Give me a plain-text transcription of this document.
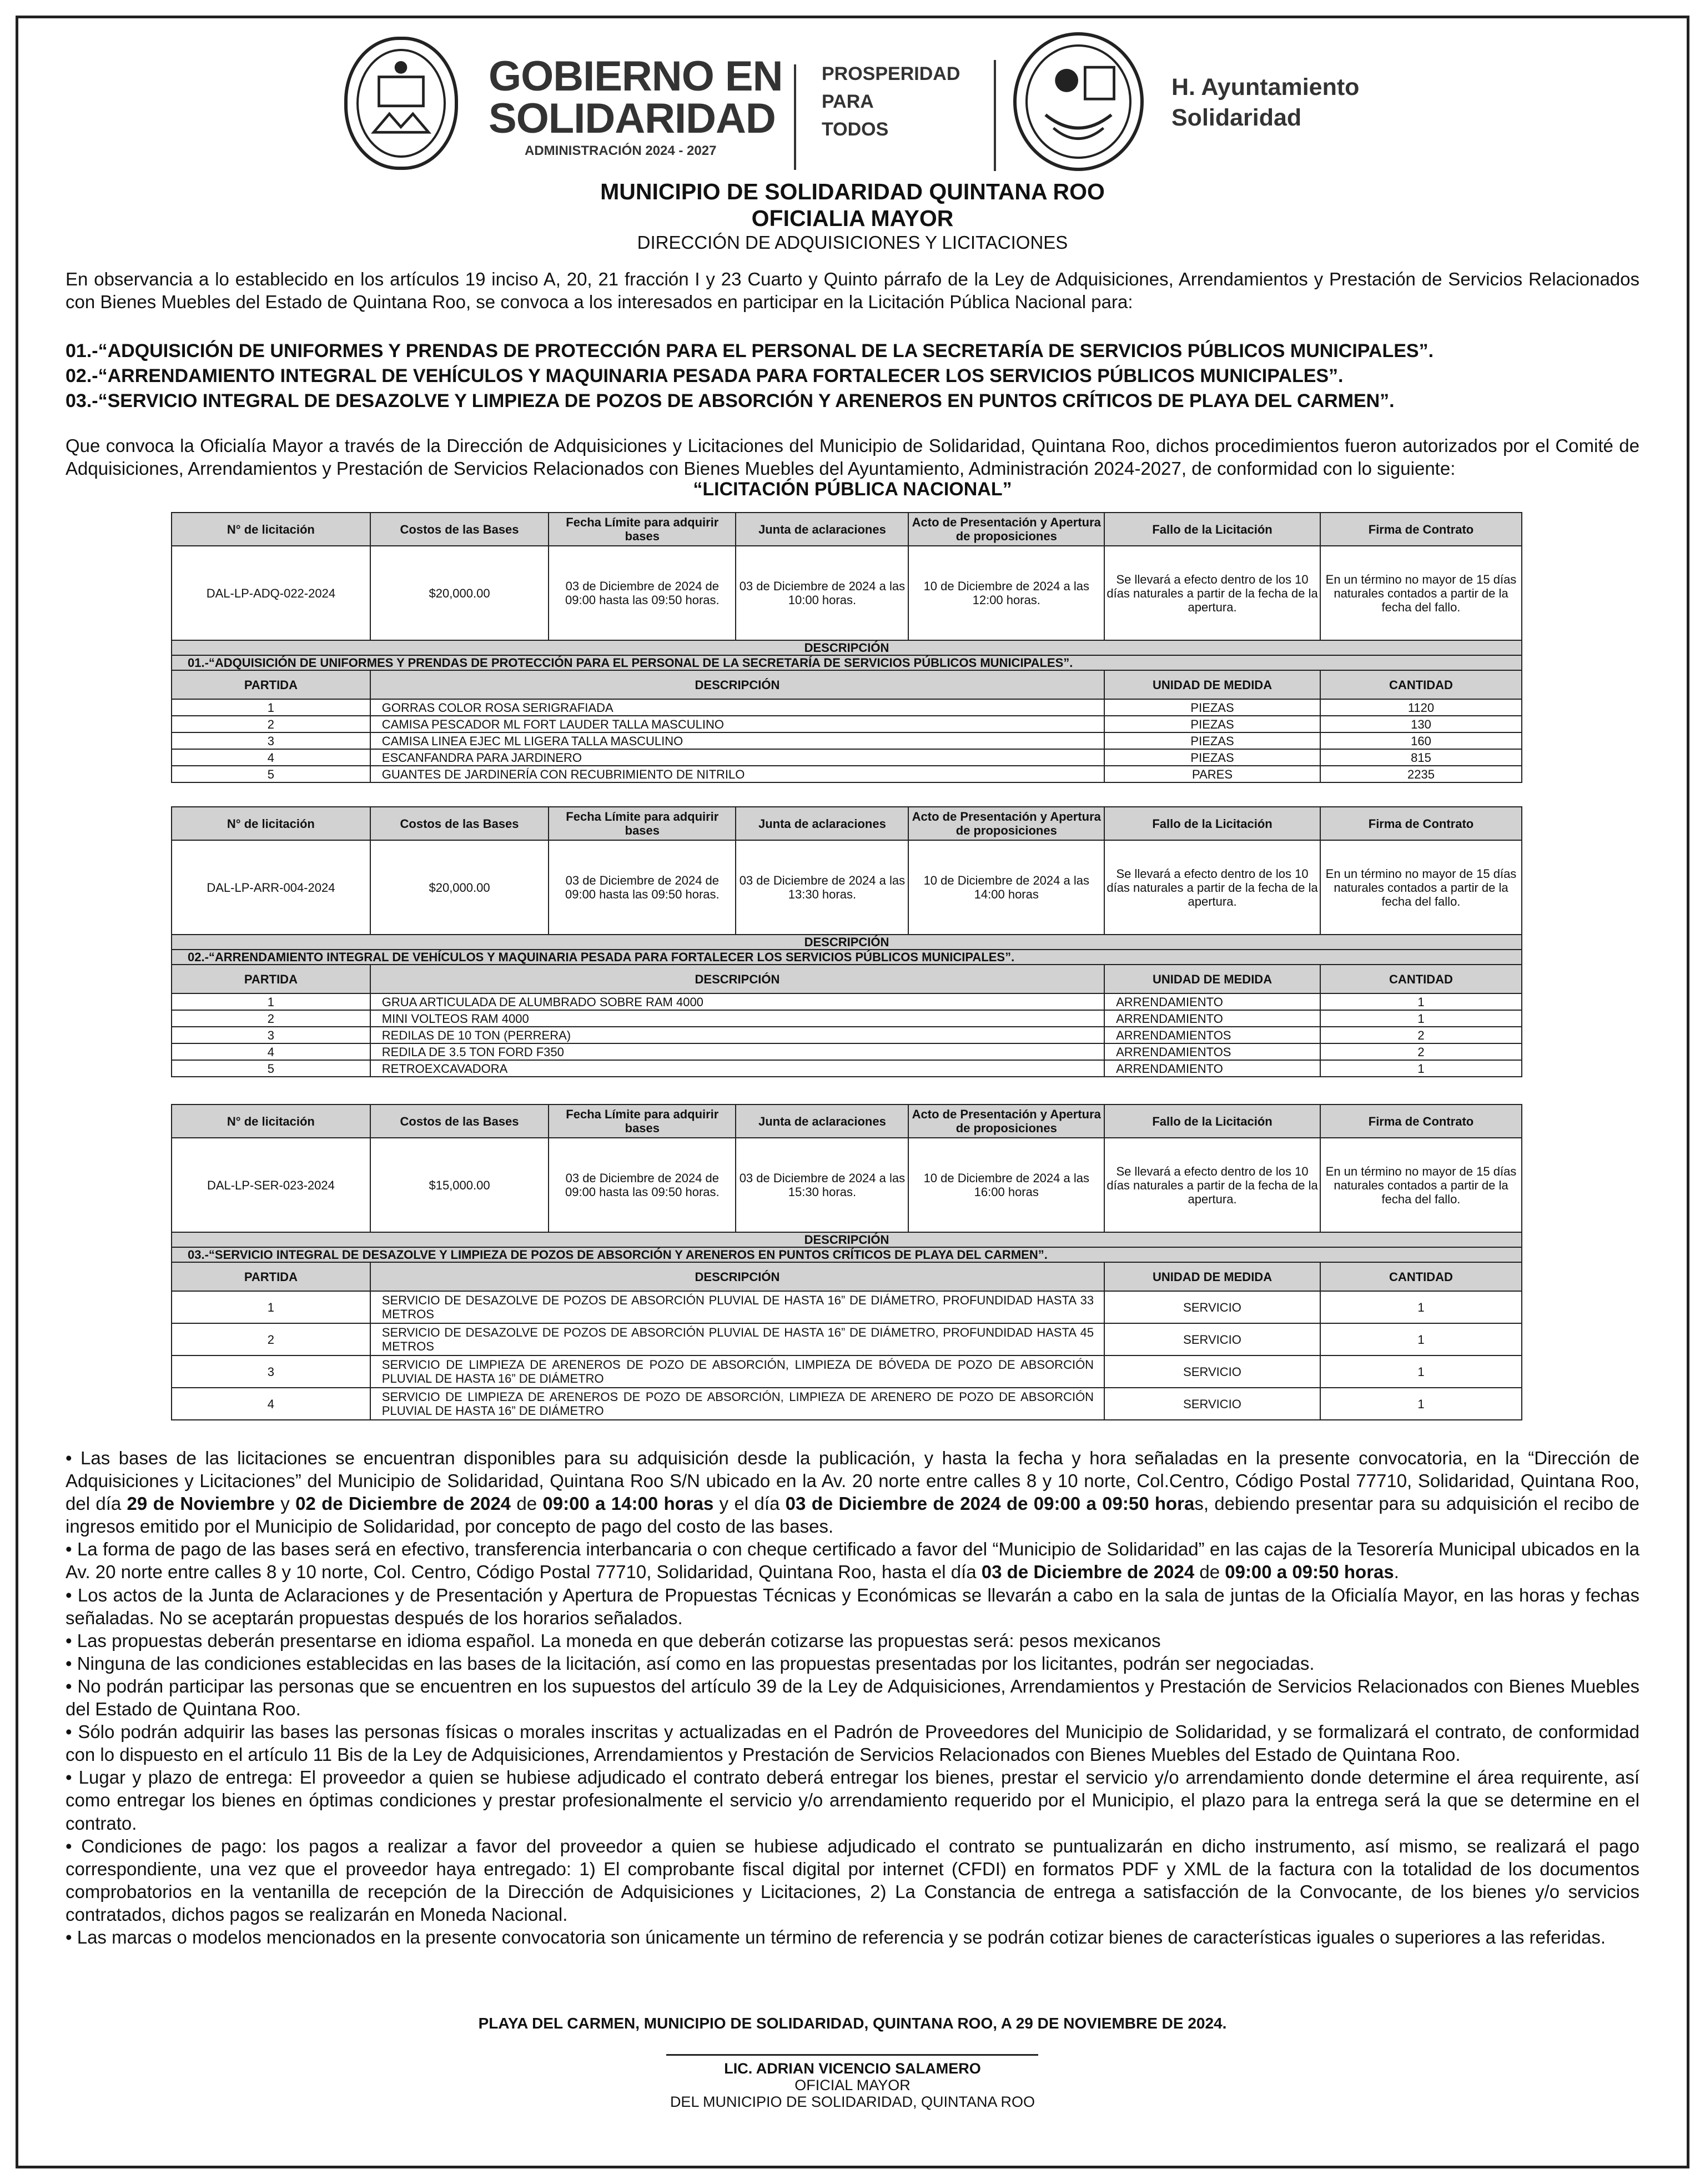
GOBIERNO EN
SOLIDARIDAD
ADMINISTRACIÓN 2024 - 2027
PROSPERIDAD
PARA
TODOS
H. Ayuntamiento
Solidaridad
MUNICIPIO DE SOLIDARIDAD QUINTANA ROO
OFICIALIA MAYOR
DIRECCIÓN DE ADQUISICIONES Y LICITACIONES

En observancia a lo establecido en los artículos 19 inciso A, 20, 21 fracción I y 23 Cuarto y Quinto párrafo de la Ley de Adquisiciones, Arrendamientos y Prestación de Servicios Relacionados con Bienes Muebles del Estado de Quintana Roo, se convoca a los interesados en participar en la Licitación Pública Nacional para:

01.-“ADQUISICIÓN DE UNIFORMES Y PRENDAS DE PROTECCIÓN PARA EL PERSONAL DE LA SECRETARÍA DE SERVICIOS PÚBLICOS MUNICIPALES”.
02.-“ARRENDAMIENTO INTEGRAL DE VEHÍCULOS Y MAQUINARIA PESADA PARA FORTALECER LOS SERVICIOS PÚBLICOS MUNICIPALES”.
03.-“SERVICIO INTEGRAL DE DESAZOLVE Y LIMPIEZA DE POZOS DE ABSORCIÓN Y ARENEROS EN PUNTOS CRÍTICOS DE PLAYA DEL CARMEN”.

Que convoca la Oficialía Mayor a través de la Dirección de Adquisiciones y Licitaciones del Municipio de Solidaridad, Quintana Roo, dichos procedimientos fueron autorizados por el Comité de Adquisiciones, Arrendamientos y Prestación de Servicios Relacionados con Bienes Muebles del Ayuntamiento, Administración 2024-2027, de conformidad con lo siguiente:

“LICITACIÓN PÚBLICA NACIONAL”
N° de licitación	Costos de las Bases	Fecha Límite para adquirir bases	Junta de aclaraciones	Acto de Presentación y Apertura de proposiciones	Fallo de la Licitación	Firma de Contrato
DAL-LP-ADQ-022-2024	$20,000.00	03 de Diciembre de 2024 de 09:00 hasta las 09:50 horas.	03 de Diciembre de 2024 a las 10:00 horas.	10 de Diciembre de 2024 a las 12:00 horas.	Se llevará a efecto dentro de los 10 días naturales a partir de la fecha de la apertura.	En un término no mayor de 15 días naturales contados a partir de la fecha del fallo.
DESCRIPCIÓN						
01.-“ADQUISICIÓN DE UNIFORMES Y PRENDAS DE PROTECCIÓN PARA EL PERSONAL DE LA SECRETARÍA DE SERVICIOS PÚBLICOS MUNICIPALES”.						
PARTIDA	DESCRIPCIÓN				UNIDAD DE MEDIDA	CANTIDAD
1	GORRAS COLOR ROSA SERIGRAFIADA				PIEZAS	1120
2	CAMISA PESCADOR ML FORT LAUDER TALLA MASCULINO				PIEZAS	130
3	CAMISA LINEA EJEC ML LIGERA TALLA MASCULINO				PIEZAS	160
4	ESCANFANDRA PARA JARDINERO				PIEZAS	815
5	GUANTES DE JARDINERÍA CON RECUBRIMIENTO DE NITRILO				PARES	2235
N° de licitación	Costos de las Bases	Fecha Límite para adquirir bases	Junta de aclaraciones	Acto de Presentación y Apertura de proposiciones	Fallo de la Licitación	Firma de Contrato
DAL-LP-ARR-004-2024	$20,000.00	03 de Diciembre de 2024 de 09:00 hasta las 09:50 horas.	03 de Diciembre de 2024 a las 13:30 horas.	10 de Diciembre de 2024 a las 14:00 horas	Se llevará a efecto dentro de los 10 días naturales a partir de la fecha de la apertura.	En un término no mayor de 15 días naturales contados a partir de la fecha del fallo.
DESCRIPCIÓN						
02.-“ARRENDAMIENTO INTEGRAL DE VEHÍCULOS Y MAQUINARIA PESADA PARA FORTALECER LOS SERVICIOS PÚBLICOS MUNICIPALES”.						
PARTIDA	DESCRIPCIÓN				UNIDAD DE MEDIDA	CANTIDAD
1	GRUA ARTICULADA DE ALUMBRADO SOBRE RAM 4000				ARRENDAMIENTO	1
2	MINI VOLTEOS RAM 4000				ARRENDAMIENTO	1
3	REDILAS DE 10 TON (PERRERA)				ARRENDAMIENTOS	2
4	REDILA DE 3.5 TON FORD F350				ARRENDAMIENTOS	2
5	RETROEXCAVADORA				ARRENDAMIENTO	1
N° de licitación	Costos de las Bases	Fecha Límite para adquirir bases	Junta de aclaraciones	Acto de Presentación y Apertura de proposiciones	Fallo de la Licitación	Firma de Contrato
DAL-LP-SER-023-2024	$15,000.00	03 de Diciembre de 2024 de 09:00 hasta las 09:50 horas.	03 de Diciembre de 2024 a las 15:30 horas.	10 de Diciembre de 2024 a las 16:00 horas	Se llevará a efecto dentro de los 10 días naturales a partir de la fecha de la apertura.	En un término no mayor de 15 días naturales contados a partir de la fecha del fallo.
DESCRIPCIÓN						
03.-“SERVICIO INTEGRAL DE DESAZOLVE Y LIMPIEZA DE POZOS DE ABSORCIÓN Y ARENEROS EN PUNTOS CRÍTICOS DE PLAYA DEL CARMEN”.						
PARTIDA	DESCRIPCIÓN				UNIDAD DE MEDIDA	CANTIDAD
1	SERVICIO DE DESAZOLVE DE POZOS DE ABSORCIÓN PLUVIAL DE HASTA 16” DE DIÁMETRO, PROFUNDIDAD HASTA 33 METROS				SERVICIO	1
2	SERVICIO DE DESAZOLVE DE POZOS DE ABSORCIÓN PLUVIAL DE HASTA 16” DE DIÁMETRO, PROFUNDIDAD HASTA 45 METROS				SERVICIO	1
3	SERVICIO DE LIMPIEZA DE ARENEROS DE POZO DE ABSORCIÓN, LIMPIEZA DE BÓVEDA DE POZO DE ABSORCIÓN PLUVIAL DE HASTA 16” DE DIÁMETRO				SERVICIO	1
4	SERVICIO DE LIMPIEZA DE ARENEROS DE POZO DE ABSORCIÓN, LIMPIEZA DE ARENERO DE POZO DE ABSORCIÓN PLUVIAL DE HASTA 16” DE DIÁMETRO				SERVICIO	1

• Las bases de las licitaciones se encuentran disponibles para su adquisición desde la publicación, y hasta la fecha y hora señaladas en la presente convocatoria, en la “Dirección de Adquisiciones y Licitaciones” del Municipio de Solidaridad, Quintana Roo S/N ubicado en la Av. 20 norte entre calles 8 y 10 norte, Col.Centro, Código Postal 77710, Solidaridad, Quintana Roo, del día 29 de Noviembre y 02 de Diciembre de 2024 de 09:00 a 14:00 horas y el día 03 de Diciembre de 2024 de 09:00 a 09:50 horas, debiendo presentar para su adquisición el recibo de ingresos emitido por el Municipio de Solidaridad, por concepto de pago del costo de las bases.

• La forma de pago de las bases será en efectivo, transferencia interbancaria o con cheque certificado a favor del “Municipio de Solidaridad” en las cajas de la Tesorería Municipal ubicados en la Av. 20 norte entre calles 8 y 10 norte, Col. Centro, Código Postal 77710, Solidaridad, Quintana Roo, hasta el día 03 de Diciembre de 2024 de 09:00 a 09:50 horas.

• Los actos de la Junta de Aclaraciones y de Presentación y Apertura de Propuestas Técnicas y Económicas se llevarán a cabo en la sala de juntas de la Oficialía Mayor, en las horas y fechas señaladas. No se aceptarán propuestas después de los horarios señalados.

• Las propuestas deberán presentarse en idioma español. La moneda en que deberán cotizarse las propuestas será: pesos mexicanos

• Ninguna de las condiciones establecidas en las bases de la licitación, así como en las propuestas presentadas por los licitantes, podrán ser negociadas.

• No podrán participar las personas que se encuentren en los supuestos del artículo 39 de la Ley de Adquisiciones, Arrendamientos y Prestación de Servicios Relacionados con Bienes Muebles del Estado de Quintana Roo.

• Sólo podrán adquirir las bases las personas físicas o morales inscritas y actualizadas en el Padrón de Proveedores del Municipio de Solidaridad, y se formalizará el contrato, de conformidad con lo dispuesto en el artículo 11 Bis de la Ley de Adquisiciones, Arrendamientos y Prestación de Servicios Relacionados con Bienes Muebles del Estado de Quintana Roo.

• Lugar y plazo de entrega: El proveedor a quien se hubiese adjudicado el contrato deberá entregar los bienes, prestar el servicio y/o arrendamiento donde determine el área requirente, así como entregar los bienes en óptimas condiciones y prestar profesionalmente el servicio y/o arrendamiento requerido por el Municipio, el plazo para la entrega será la que se determine en el contrato.

• Condiciones de pago: los pagos a realizar a favor del proveedor a quien se hubiese adjudicado el contrato se puntualizarán en dicho instrumento, así mismo, se realizará el pago correspondiente, una vez que el proveedor haya entregado: 1) El comprobante fiscal digital por internet (CFDI) en formatos PDF y XML de la factura con la totalidad de los documentos comprobatorios en la ventanilla de recepción de la Dirección de Adquisiciones y Licitaciones, 2) La Constancia de entrega a satisfacción de la Convocante, de los bienes y/o servicios contratados, dichos pagos se realizarán en Moneda Nacional.

• Las marcas o modelos mencionados en la presente convocatoria son únicamente un término de referencia y se podrán cotizar bienes de características iguales o superiores a las referidas.

PLAYA DEL CARMEN, MUNICIPIO DE SOLIDARIDAD, QUINTANA ROO, A 29 DE NOVIEMBRE DE 2024.
LIC. ADRIAN VICENCIO SALAMERO
OFICIAL MAYOR
DEL MUNICIPIO DE SOLIDARIDAD, QUINTANA ROO
